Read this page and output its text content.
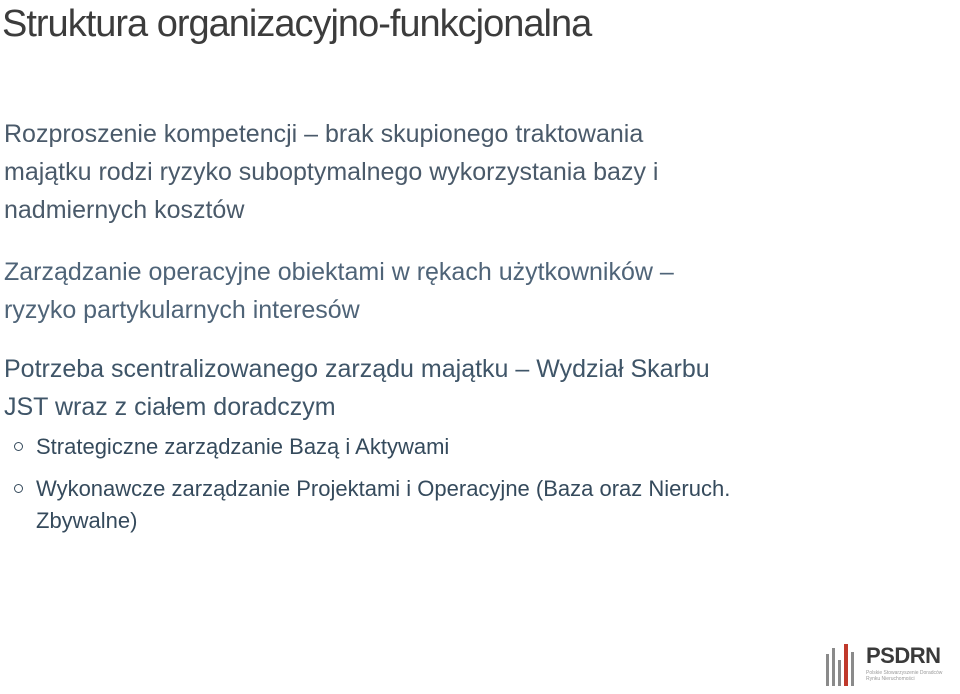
Struktura organizacyjno-funkcjonalna

Rozproszenie kompetencji – brak skupionego traktowania
majątku rodzi ryzyko suboptymalnego wykorzystania bazy i
nadmiernych kosztów

Zarządzanie operacyjne obiektami w rękach użytkowników –
ryzyko partykularnych interesów

Potrzeba scentralizowanego zarządu majątku – Wydział Skarbu
JST wraz z ciałem doradczym

Strategiczne zarządzanie Bazą i Aktywami
Wykonawcze zarządzanie Projektami i Operacyjne (Baza oraz Nieruch.
Zbywalne)
PSDRN
Polskie Stowarzyszenie Doradców
Rynku Nieruchomości
